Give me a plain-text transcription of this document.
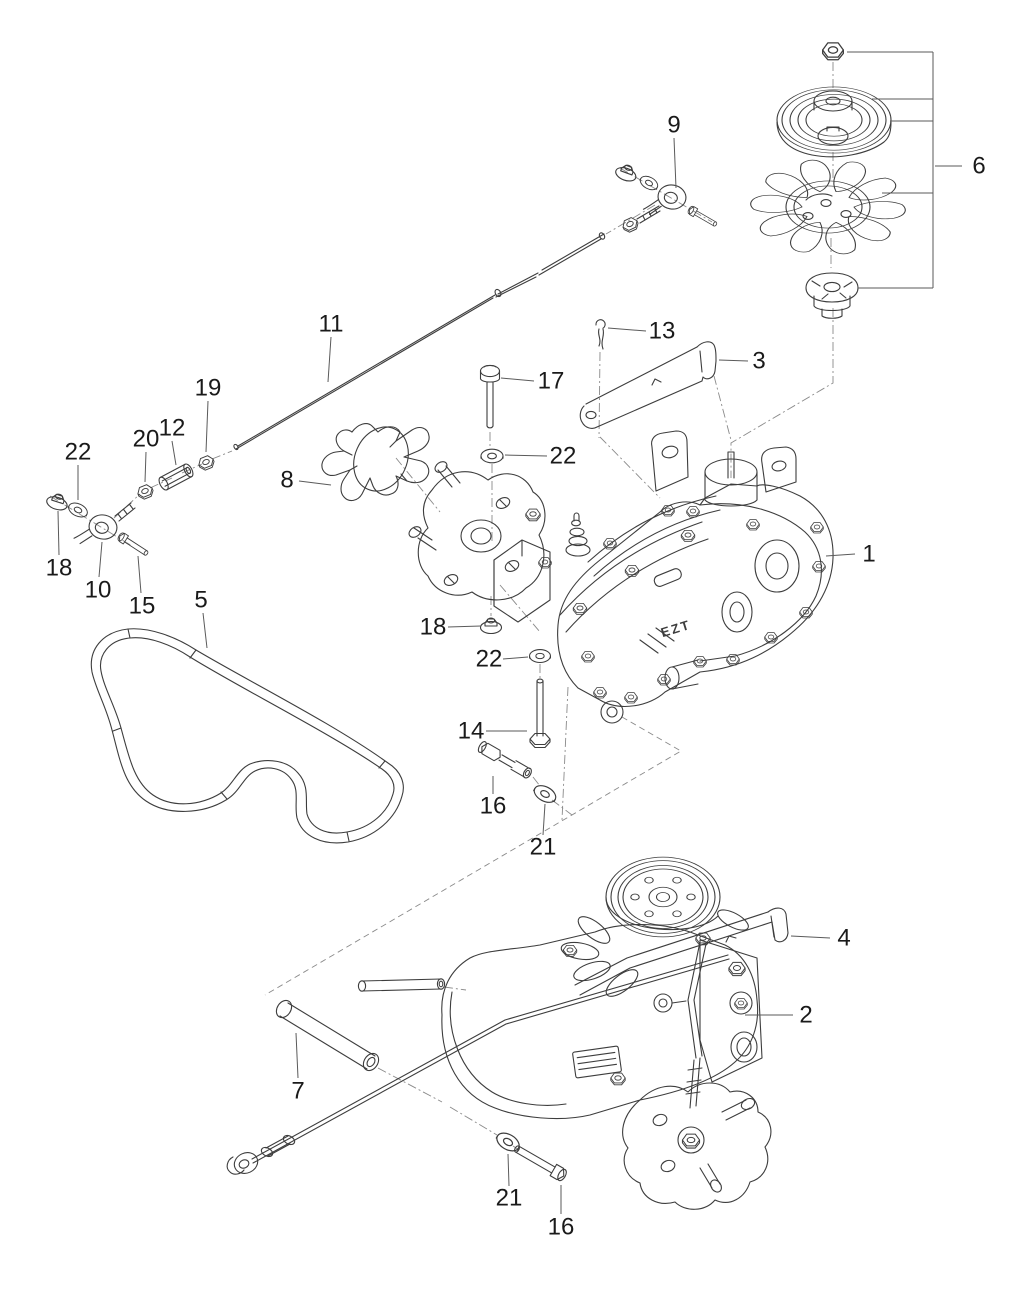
EZT
9
6
11	13
3
17
19
12
20
22	22
8
1
18
10	5
15
18
22
14
16
21
4
2
7
21
16
